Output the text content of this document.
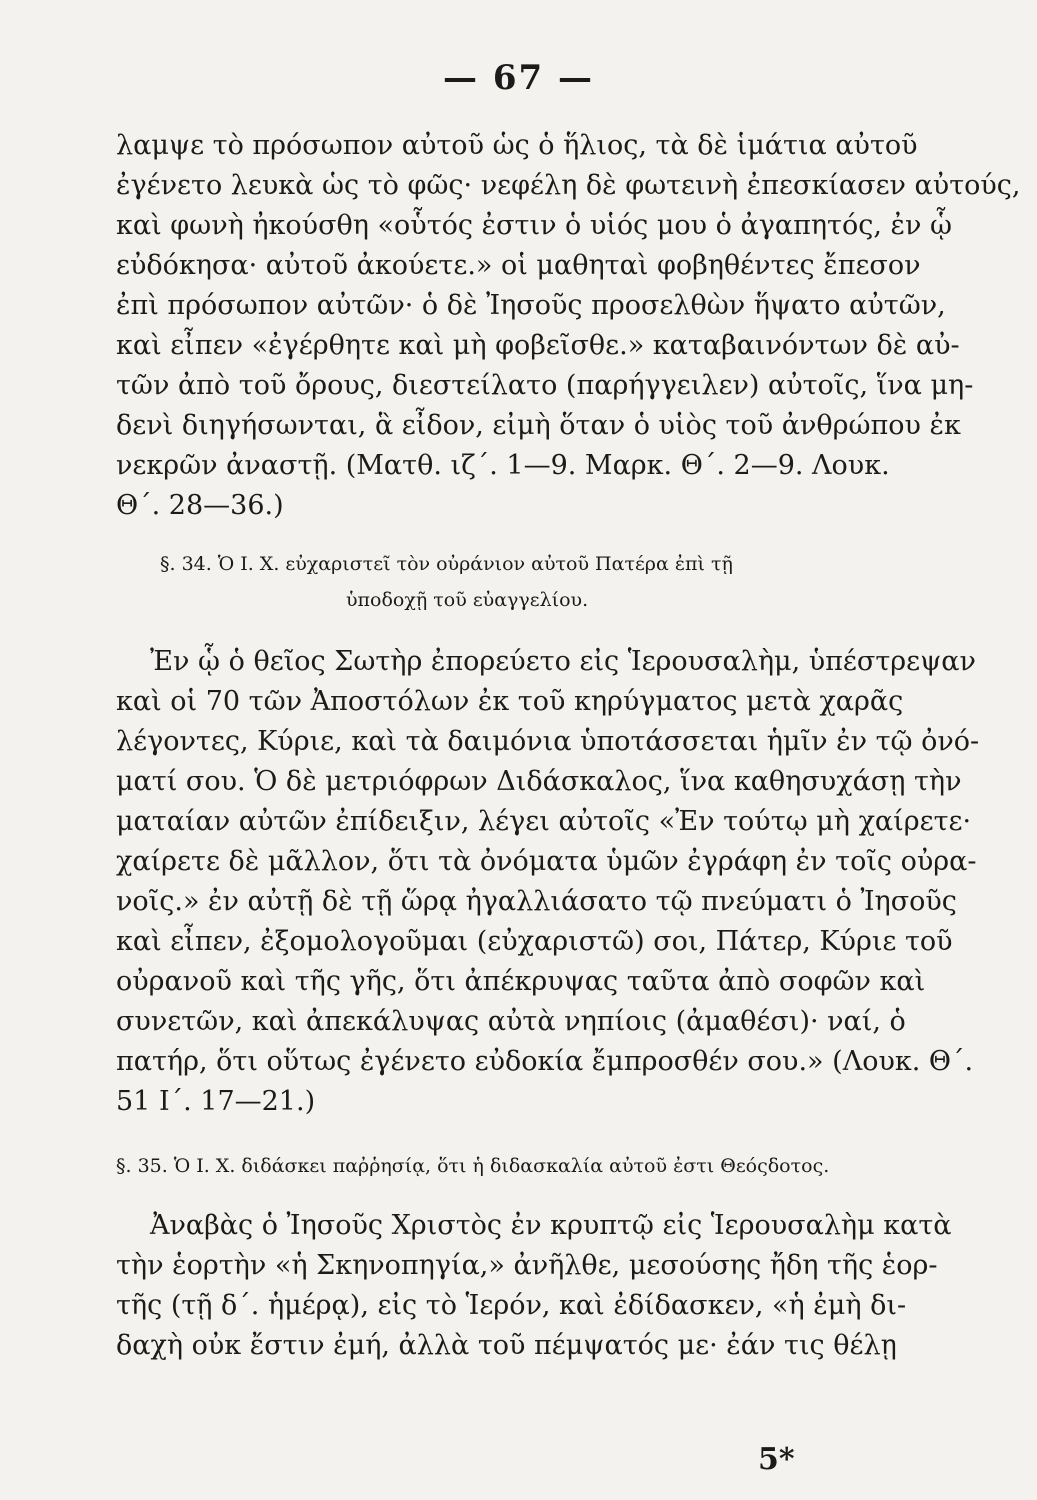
— 67 —
λαμψε τὸ πρόσωπον αὐτοῦ ὡς ὁ ἥλιος, τὰ δὲ ἱμάτια αὐτοῦ
ἐγένετο λευκὰ ὡς τὸ φῶς· νεφέλη δὲ φωτεινὴ ἐπεσκίασεν αὐτούς,
καὶ φωνὴ ἠκούσθη «οὗτός ἐστιν ὁ υἱός μου ὁ ἀγαπητός, ἐν ᾧ
εὐδόκησα· αὐτοῦ ἀκούετε.» οἱ μαθηταὶ φοβηθέντες ἔπεσον
ἐπὶ πρόσωπον αὐτῶν· ὁ δὲ Ἰησοῦς προσελθὼν ἥψατο αὐτῶν,
καὶ εἶπεν «ἐγέρθητε καὶ μὴ φοβεῖσθε.» καταβαινόντων δὲ αὐ-
τῶν ἀπὸ τοῦ ὄρους, διεστείλατο (παρήγγειλεν) αὐτοῖς, ἵνα μη-
δενὶ διηγήσωνται, ἃ εἶδον, εἰμὴ ὅταν ὁ υἱὸς τοῦ ἀνθρώπου ἐκ
νεκρῶν ἀναστῇ. (Ματθ. ιζ΄. 1—9. Μαρκ. Θ΄. 2—9. Λουκ.
Θ΄. 28—36.)
§. 34. Ὁ Ι. Χ. εὐχαριστεῖ τὸν οὐράνιον αὐτοῦ Πατέρα ἐπὶ τῇ
ὑποδοχῇ τοῦ εὐαγγελίου.
Ἐν ᾧ ὁ θεῖος Σωτὴρ ἐπορεύετο εἰς Ἱερουσαλὴμ, ὑπέστρεψαν
καὶ οἱ 70 τῶν Ἀποστόλων ἐκ τοῦ κηρύγματος μετὰ χαρᾶς
λέγοντες, Κύριε, καὶ τὰ δαιμόνια ὑποτάσσεται ἡμῖν ἐν τῷ ὀνό-
ματί σου. Ὁ δὲ μετριόφρων Διδάσκαλος, ἵνα καθησυχάσῃ τὴν
ματαίαν αὐτῶν ἐπίδειξιν, λέγει αὐτοῖς «Ἐν τούτῳ μὴ χαίρετε·
χαίρετε δὲ μᾶλλον, ὅτι τὰ ὀνόματα ὑμῶν ἐγράφη ἐν τοῖς οὐρα-
νοῖς.» ἐν αὐτῇ δὲ τῇ ὥρᾳ ἠγαλλιάσατο τῷ πνεύματι ὁ Ἰησοῦς
καὶ εἶπεν, ἐξομολογοῦμαι (εὐχαριστῶ) σοι, Πάτερ, Κύριε τοῦ
οὐρανοῦ καὶ τῆς γῆς, ὅτι ἀπέκρυψας ταῦτα ἀπὸ σοφῶν καὶ
συνετῶν, καὶ ἀπεκάλυψας αὐτὰ νηπίοις (ἀμαθέσι)· ναί, ὁ
πατήρ, ὅτι οὕτως ἐγένετο εὐδοκία ἔμπροσθέν σου.» (Λουκ. Θ΄.
51 Ι΄. 17—21.)
§. 35. Ὁ Ι. Χ. διδάσκει παῤῥησίᾳ, ὅτι ἡ διδασκαλία αὐτοῦ ἐστι Θεόςδοτος.
Ἀναβὰς ὁ Ἰησοῦς Χριστὸς ἐν κρυπτῷ εἰς Ἱερουσαλὴμ κατὰ
τὴν ἑορτὴν «ἡ Σκηνοπηγία,» ἀνῆλθε, μεσούσης ἤδη τῆς ἑορ-
τῆς (τῇ δ΄. ἡμέρᾳ), εἰς τὸ Ἱερόν, καὶ ἐδίδασκεν, «ἡ ἐμὴ δι-
δαχὴ οὐκ ἔστιν ἐμή, ἀλλὰ τοῦ πέμψατός με· ἐάν τις θέλῃ
5*
